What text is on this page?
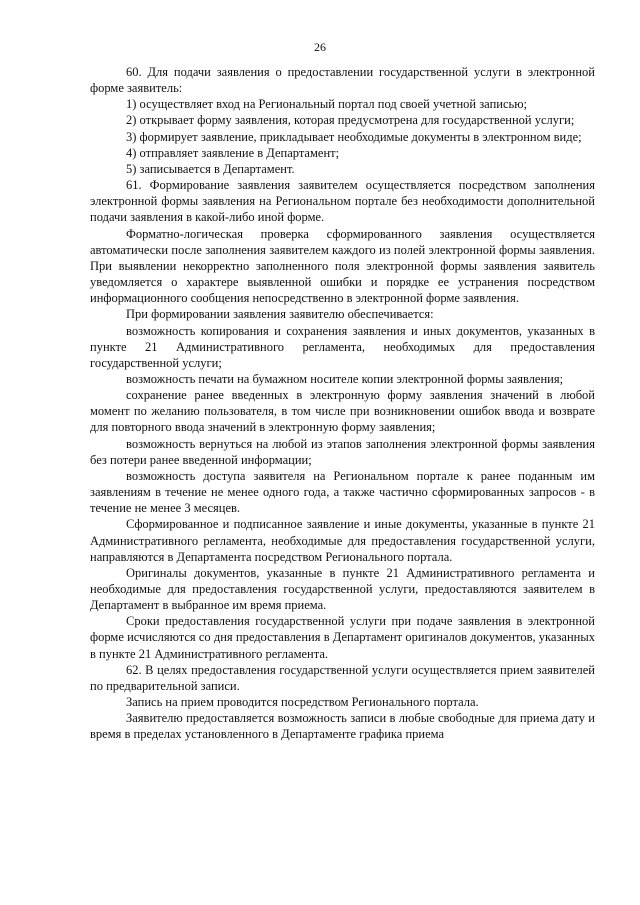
26

60. Для подачи заявления о предоставлении государственной услуги в электронной форме заявитель:

1) осуществляет вход на Региональный портал под своей учетной записью;

2) открывает форму заявления, которая предусмотрена для государственной услуги;

3) формирует заявление, прикладывает необходимые документы в электронном виде;

4) отправляет заявление в Департамент;

5) записывается в Департамент.

61. Формирование заявления заявителем осуществляется посредством заполнения электронной формы заявления на Региональном портале без необходимости дополнительной подачи заявления в какой-либо иной форме.

Форматно-логическая проверка сформированного заявления осуществляется автоматически после заполнения заявителем каждого из полей электронной формы заявления. При выявлении некорректно заполненного поля электронной формы заявления заявитель уведомляется о характере выявленной ошибки и порядке ее устранения посредством информационного сообщения непосредственно в электронной форме заявления.

При формировании заявления заявителю обеспечивается:

возможность копирования и сохранения заявления и иных документов, указанных в пункте 21 Административного регламента, необходимых для предоставления государственной услуги;

возможность печати на бумажном носителе копии электронной формы заявления;

сохранение ранее введенных в электронную форму заявления значений в любой момент по желанию пользователя, в том числе при возникновении ошибок ввода и возврате для повторного ввода значений в электронную форму заявления;

возможность вернуться на любой из этапов заполнения электронной формы заявления без потери ранее введенной информации;

возможность доступа заявителя на Региональном портале к ранее поданным им заявлениям в течение не менее одного года, а также частично сформированных запросов - в течение не менее 3 месяцев.

Сформированное и подписанное заявление и иные документы, указанные в пункте 21 Административного регламента, необходимые для предоставления государственной услуги, направляются в Департамента посредством Регионального портала.

Оригиналы документов, указанные в пункте 21 Административного регламента и необходимые для предоставления государственной услуги, предоставляются заявителем в Департамент в выбранное им время приема.

Сроки предоставления государственной услуги при подаче заявления в электронной форме исчисляются со дня предоставления в Департамент оригиналов документов, указанных в пункте 21 Административного регламента.

62. В целях предоставления государственной услуги осуществляется прием заявителей по предварительной записи.

Запись на прием проводится посредством Регионального портала.

Заявителю предоставляется возможность записи в любые свободные для приема дату и время в пределах установленного в Департаменте графика приема
